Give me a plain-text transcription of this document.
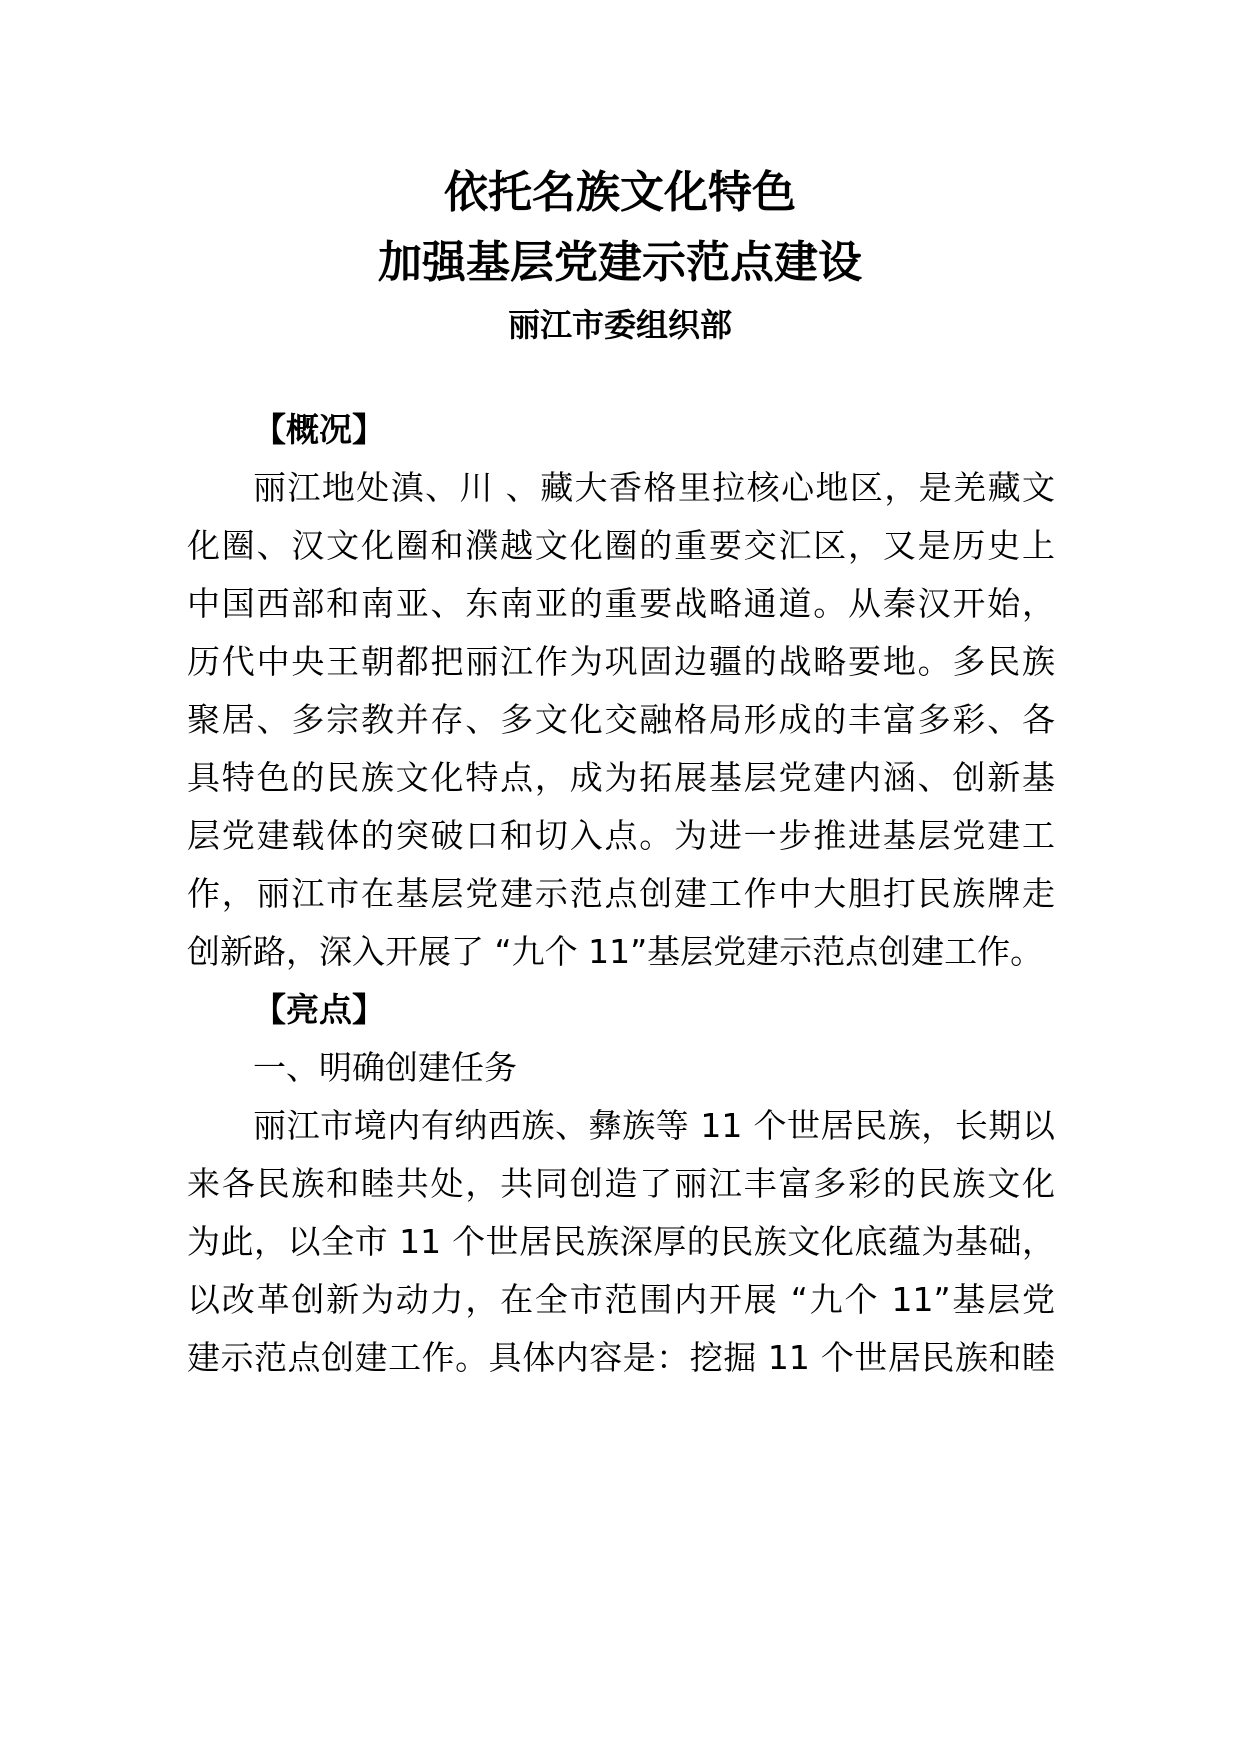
依托名族文化特色
加强基层党建示范点建设
丽江市委组织部
【概况】
丽江地处滇、川 、藏大香格里拉核心地区，是羌藏文
化圈、汉文化圈和濮越文化圈的重要交汇区，又是历史上
中国西部和南亚、东南亚的重要战略通道。从秦汉开始，
历代中央王朝都把丽江作为巩固边疆的战略要地。多民族
聚居、多宗教并存、多文化交融格局形成的丰富多彩、各
具特色的民族文化特点，成为拓展基层党建内涵、创新基
层党建载体的突破口和切入点。为进一步推进基层党建工
作，丽江市在基层党建示范点创建工作中大胆打民族牌走
创新路，深入开展了 “九个 11”基层党建示范点创建工作。
【亮点】
一、明确创建任务
丽江市境内有纳西族、彝族等 11 个世居民族，长期以
来各民族和睦共处，共同创造了丽江丰富多彩的民族文化
为此，以全市 11 个世居民族深厚的民族文化底蕴为基础，
以改革创新为动力，在全市范围内开展 “九个 11”基层党
建示范点创建工作。具体内容是：挖掘 11 个世居民族和睦
